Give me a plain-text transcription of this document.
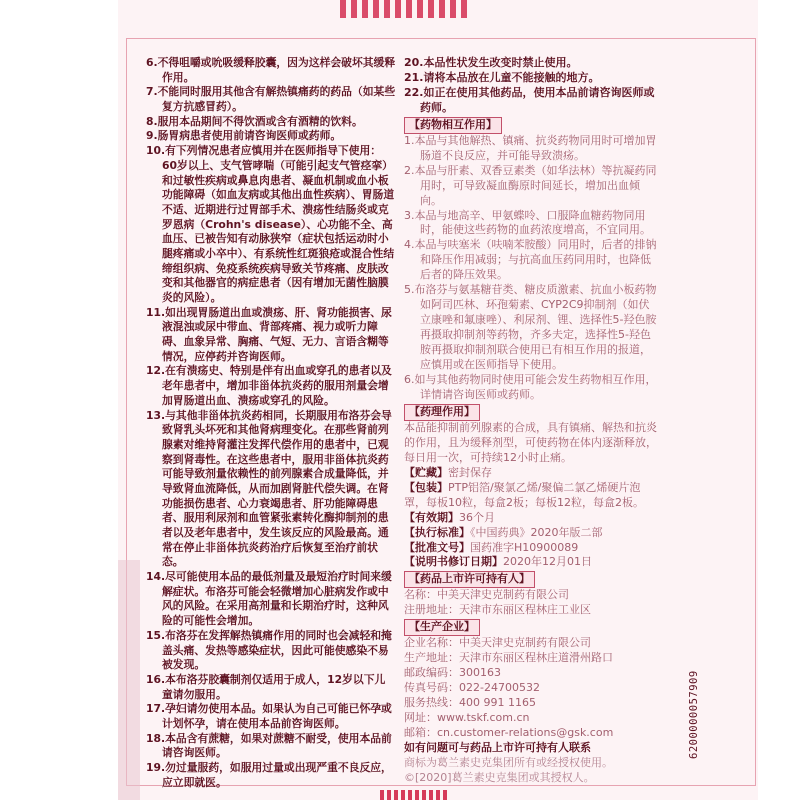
6.不得咀嚼或吮吸缓释胶囊，因为这样会破坏其缓释作用。

7.不能同时服用其他含有解热镇痛药的药品（如某些复方抗感冒药）。

8.服用本品期间不得饮酒或含有酒精的饮料。

9.肠胃病患者使用前请咨询医师或药师。

10.有下列情况患者应慎用并在医师指导下使用：60岁以上、支气管哮喘（可能引起支气管痉挛）和过敏性疾病或鼻息肉患者、凝血机制或血小板功能障碍（如血友病或其他出血性疾病）、胃肠道不适、近期进行过胃部手术、溃疡性结肠炎或克罗恩病（Crohn's disease）、心功能不全、高血压、已被告知有动脉狭窄（症状包括运动时小腿疼痛或小卒中）、有系统性红斑狼疮或混合性结缔组织病、免疫系统疾病导致关节疼痛、皮肤改变和其他器官的病症患者（因有增加无菌性脑膜炎的风险）。

11.如出现胃肠道出血或溃疡、肝、肾功能损害、尿液混浊或尿中带血、背部疼痛、视力或听力障碍、血象异常、胸痛、气短、无力、言语含糊等情况，应停药并咨询医师。

12.在有溃疡史、特别是伴有出血或穿孔的患者以及老年患者中，增加非甾体抗炎药的服用剂量会增加胃肠道出血、溃疡或穿孔的风险。

13.与其他非甾体抗炎药相同，长期服用布洛芬会导致肾乳头坏死和其他肾病理变化。在那些肾前列腺素对维持肾灌注发挥代偿作用的患者中，已观察到肾毒性。在这些患者中，服用非甾体抗炎药可能导致剂量依赖性的前列腺素合成量降低，并导致肾血流降低，从而加剧肾脏代偿失调。在肾功能损伤患者、心力衰竭患者、肝功能障碍患者、服用利尿剂和血管紧张素转化酶抑制剂的患者以及老年患者中，发生该反应的风险最高。通常在停止非甾体抗炎药治疗后恢复至治疗前状态。

14.尽可能使用本品的最低剂量及最短治疗时间来缓解症状。布洛芬可能会轻微增加心脏病发作或中风的风险。在采用高剂量和长期治疗时，这种风险的可能性会增加。

15.布洛芬在发挥解热镇痛作用的同时也会减轻和掩盖头痛、发热等感染症状，因此可能使感染不易被发现。

16.本布洛芬胶囊制剂仅适用于成人，12岁以下儿童请勿服用。

17.孕妇请勿使用本品。如果认为自己可能已怀孕或计划怀孕，请在使用本品前咨询医师。

18.本品含有蔗糖，如果对蔗糖不耐受，使用本品前请咨询医师。

19.勿过量服药，如服用过量或出现严重不良反应，应立即就医。

20.本品性状发生改变时禁止使用。

21.请将本品放在儿童不能接触的地方。

22.如正在使用其他药品，使用本品前请咨询医师或药师。

【药物相互作用】

1.本品与其他解热、镇痛、抗炎药物同用时可增加胃肠道不良反应，并可能导致溃疡。

2.本品与肝素、双香豆素类（如华法林）等抗凝药同用时，可导致凝血酶原时间延长，增加出血倾向。

3.本品与地高辛、甲氨蝶呤、口服降血糖药物同用时，能使这些药物的血药浓度增高，不宜同用。

4.本品与呋塞米（呋喃苯胺酸）同用时，后者的排钠和降压作用减弱；与抗高血压药同用时，也降低后者的降压效果。

5.布洛芬与氨基糖苷类、糖皮质激素、抗血小板药物如阿司匹林、环孢菊素、CYP2C9抑制剂（如伏立康唑和氟康唑）、利尿剂、锂、选择性5-羟色胺再摄取抑制剂等药物，齐多夫定，选择性5-羟色胺再摄取抑制剂联合使用已有相互作用的报道，应慎用或在医师指导下使用。

6.如与其他药物同时使用可能会发生药物相互作用，详情请咨询医师或药师。

【药理作用】

本品能抑制前列腺素的合成，具有镇痛、解热和抗炎的作用，且为缓释剂型，可使药物在体内逐渐释放，每日用一次，可持续12小时止痛。

【贮藏】密封保存

【包装】PTP铝箔/聚氯乙烯/聚偏二氯乙烯硬片泡罩，每板10粒，每盒2板；每板12粒，每盒2板。

【有效期】36个月

【执行标准】《中国药典》2020年版二部

【批准文号】国药准字H10900089

【说明书修订日期】2020年12月01日

【药品上市许可持有人】

名称：中美天津史克制药有限公司

注册地址：天津市东丽区程林庄工业区

【生产企业】

企业名称：中美天津史克制药有限公司

生产地址：天津市东丽区程林庄道滑州路口

邮政编码：300163

传真号码：022-24700532

服务热线：400 991 1165

网址：www.tskf.com.cn

邮箱：cn.customer-relations@gsk.com

如有问题可与药品上市许可持有人联系

商标为葛兰素史克集团所有或经授权使用。

©[2020]葛兰素史克集团或其授权人。

6200000057909
